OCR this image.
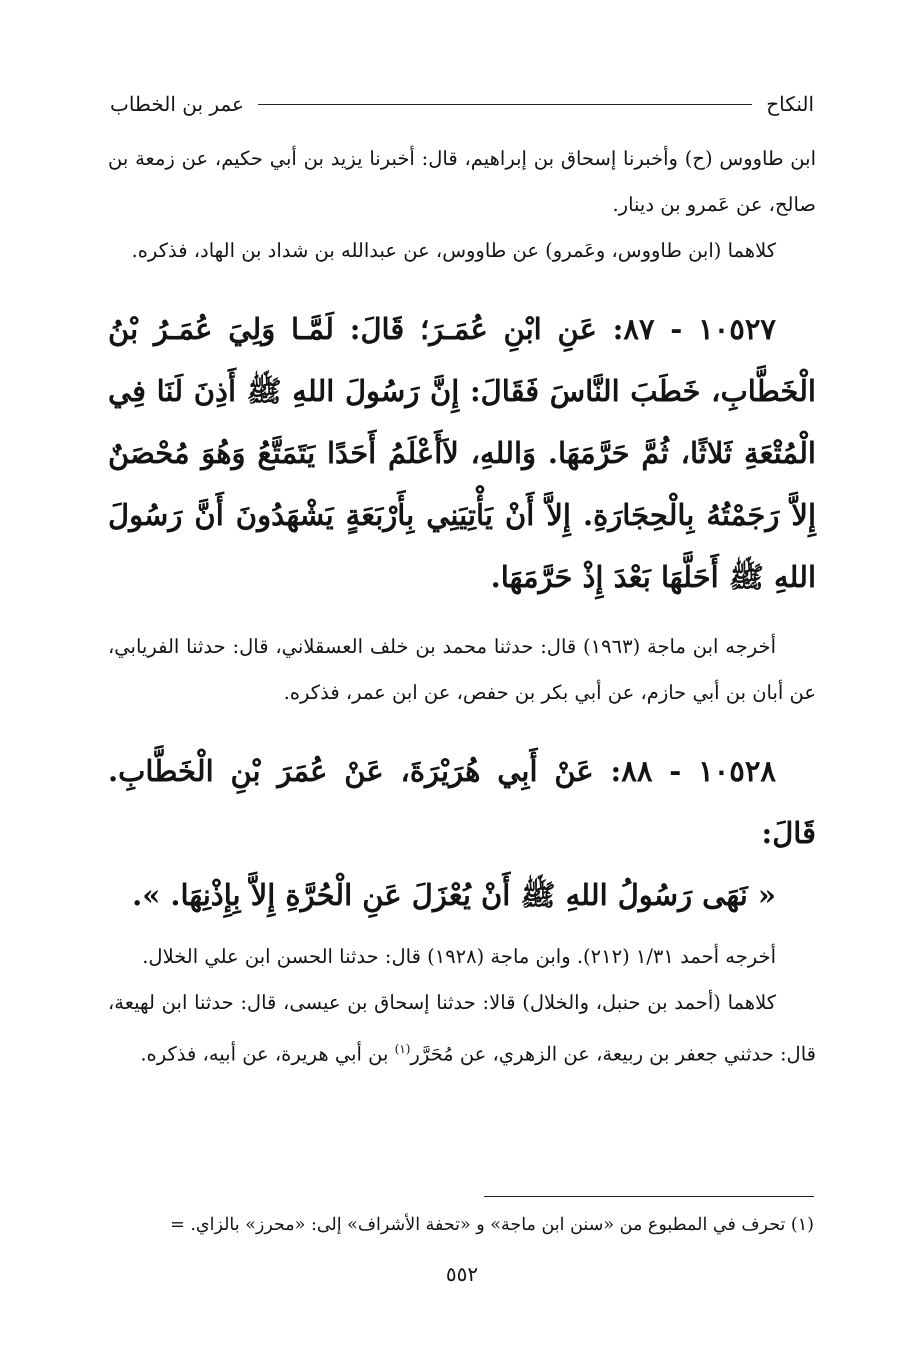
النكاح
عمر بن الخطاب

ابن طاووس (ح) وأخبرنا إسحاق بن إبراهيم، قال: أخبرنا يزيد بن أبي حكيم، عن زمعة بن صالح، عن عَمرو بن دينار.

كلاهما (ابن طاووس، وعَمرو) عن طاووس، عن عبدالله بن شداد بن الهاد، فذكره.

١٠٥٢٧ - ٨٧: عَنِ ابْنِ عُمَـرَ؛ قَالَ: لَمَّـا وَلِيَ عُمَـرُ بْنُ الْخَطَّابِ، خَطَبَ النَّاسَ فَقَالَ: إِنَّ رَسُولَ اللهِ ﷺ أَذِنَ لَنَا فِي الْمُتْعَةِ ثَلاثًا، ثُمَّ حَرَّمَهَا. وَاللهِ، لاَأَعْلَمُ أَحَدًا يَتَمَتَّعُ وَهُوَ مُحْصَنٌ إِلاَّ رَجَمْتُهُ بِالْحِجَارَةِ. إِلاَّ أَنْ يَأْتِيَنِي بِأَرْبَعَةٍ يَشْهَدُونَ أَنَّ رَسُولَ اللهِ ﷺ أَحَلَّهَا بَعْدَ إِذْ حَرَّمَهَا.

أخرجه ابن ماجة (١٩٦٣) قال: حدثنا محمد بن خلف العسقلاني، قال: حدثنا الفريابي، عن أبان بن أبي حازم، عن أبي بكر بن حفص، عن ابن عمر، فذكره.

١٠٥٢٨ - ٨٨: عَنْ أَبِي هُرَيْرَةَ، عَنْ عُمَرَ بْنِ الْخَطَّابِ. قَالَ:

« نَهَى رَسُولُ اللهِ ﷺ أَنْ يُعْزَلَ عَنِ الْحُرَّةِ إِلاَّ بِإِذْنِهَا. ».

أخرجه أحمد ١/٣١ (٢١٢). وابن ماجة (١٩٢٨) قال: حدثنا الحسن ابن علي الخلال.

كلاهما (أحمد بن حنبل، والخلال) قالا: حدثنا إسحاق بن عيسى، قال: حدثنا ابن لهيعة، قال: حدثني جعفر بن ربيعة، عن الزهري، عن مُحَرَّر$^{(١)}$ بن أبي هريرة، عن أبيه، فذكره.

(١) تحرف في المطبوع من «سنن ابن ماجة» و «تحفة الأشراف» إلى: «محرز» بالزاي. =
٥٥٢
